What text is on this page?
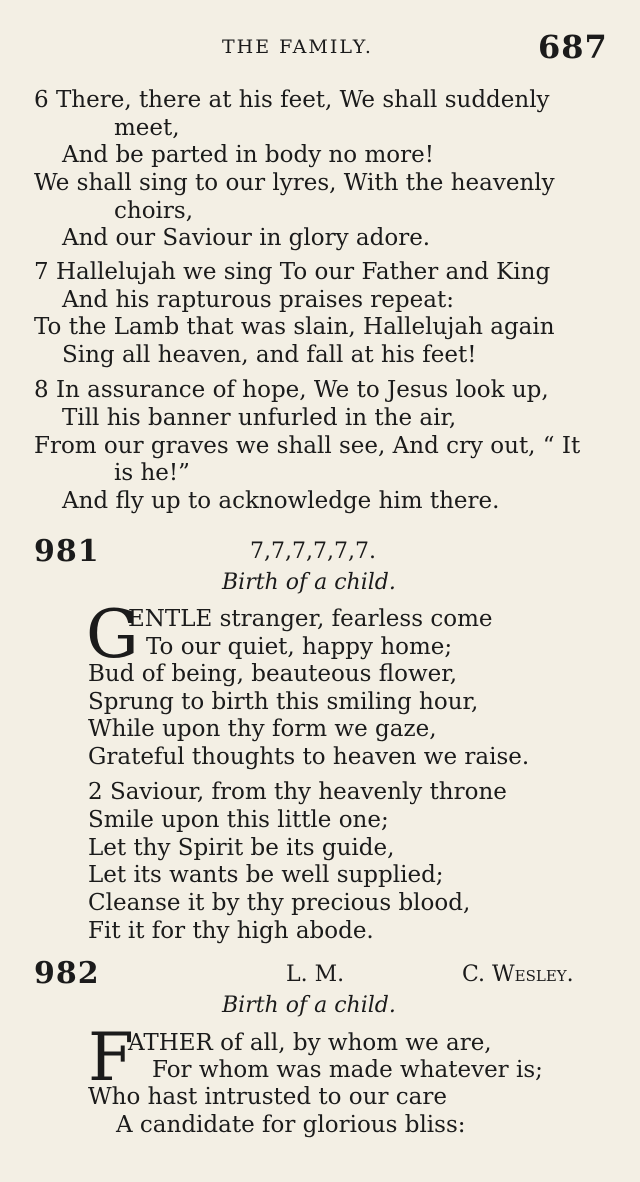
THE FAMILY.	687
6 There, there at his feet, We shall suddenly
meet,
And be parted in body no more!
We shall sing to our lyres, With the heavenly
choirs,
And our Saviour in glory adore.
7 Hallelujah we sing To our Father and King
And his rapturous praises repeat:
To the Lamb that was slain, Hallelujah again
Sing all heaven, and fall at his feet!
8 In assurance of hope, We to Jesus look up,
Till his banner unfurled in the air,
From our graves we shall see, And cry out, “ It
is he!”
And fly up to acknowledge him there.
981	7,7,7,7,7,7.
Birth of a child.
G
ENTLE stranger, fearless come
To our quiet, happy home;
Bud of being, beauteous flower,
Sprung to birth this smiling hour,
While upon thy form we gaze,
Grateful thoughts to heaven we raise.
2 Saviour, from thy heavenly throne
Smile upon this little one;
Let thy Spirit be its guide,
Let its wants be well supplied;
Cleanse it by thy precious blood,
Fit it for thy high abode.
982	L. M.	C. Wesley.
Birth of a child.
F
ATHER of all, by whom we are,
For whom was made whatever is;
Who hast intrusted to our care
A candidate for glorious bliss:
